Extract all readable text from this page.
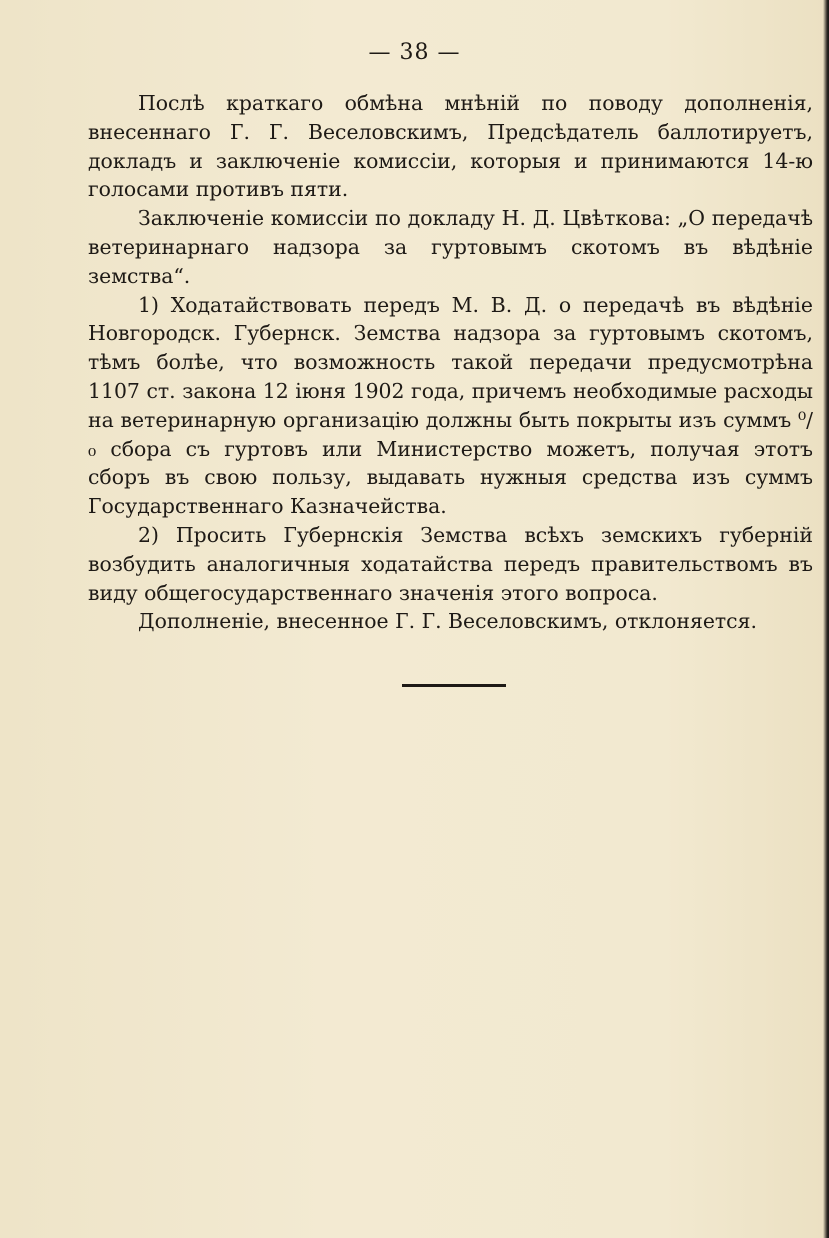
— 38 —

Послѣ краткаго обмѣна мнѣній по поводу дополненія, внесеннаго Г. Г. Веселовскимъ, Предсѣдатель баллотируетъ, докладъ и заключеніе комиссіи, которыя и принимаются 14-ю голосами противъ пяти.

Заключеніе комиссіи по докладу Н. Д. Цвѣткова: „О передачѣ ветеринарнаго надзора за гуртовымъ скотомъ въ вѣдѣніе земства“.

1) Ходатайствовать передъ М. В. Д. о передачѣ въ вѣдѣніе Новгородск. Губернск. Земства надзора за гуртовымъ скотомъ, тѣмъ болѣе, что возможность такой передачи предусмотрѣна 1107 ст. закона 12 іюня 1902 года, причемъ необходимые расходы на ветеринарную организацію должны быть покрыты изъ суммъ ⁰/₀ сбора съ гуртовъ или Министерство можетъ, получая этотъ сборъ въ свою пользу, выдавать нужныя средства изъ суммъ Государственнаго Казначейства.

2) Просить Губернскія Земства всѣхъ земскихъ губерній возбудить аналогичныя ходатайства передъ правительствомъ въ виду общегосударственнаго значенія этого вопроса.

Дополненіе, внесенное Г. Г. Веселовскимъ, отклоняется.
